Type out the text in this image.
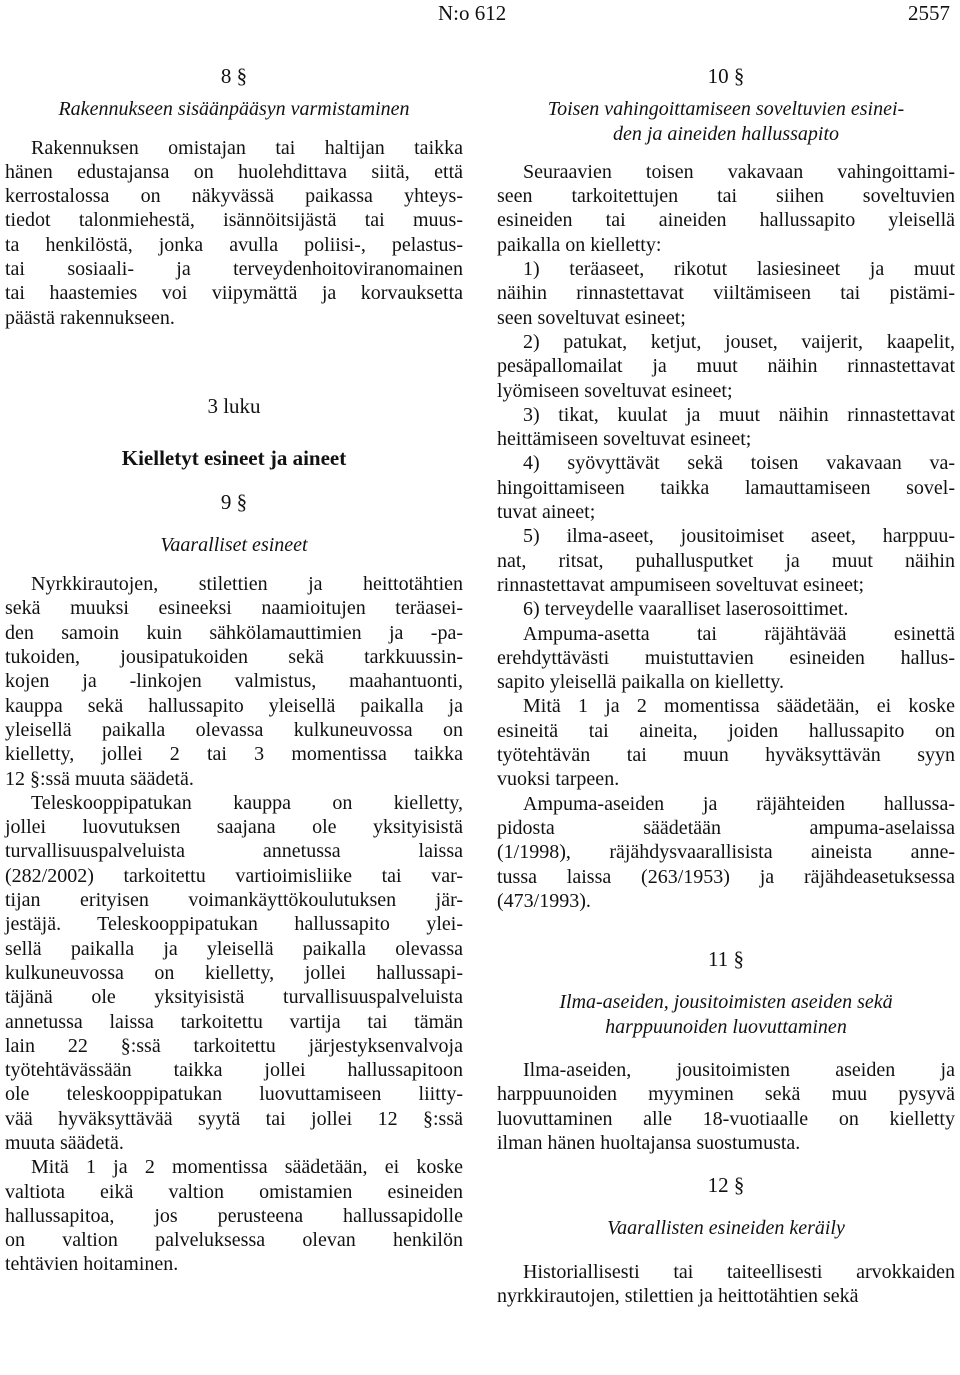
N:o 612	2557
8 §
Rakennukseen sisäänpääsyn varmistaminen
Rakennuksen omistajan tai haltijan taikka
hänen edustajansa on huolehdittava siitä, että
kerrostalossa on näkyvässä paikassa yhteys-
tiedot talonmiehestä, isännöitsijästä tai muus-
ta henkilöstä, jonka avulla poliisi-, pelastus-
tai sosiaali- ja terveydenhoitoviranomainen
tai haastemies voi viipymättä ja korvauksetta
päästä rakennukseen.
3 luku
Kielletyt esineet ja aineet
9 §
Vaaralliset esineet
Nyrkkirautojen, stilettien ja heittotähtien
sekä muuksi esineeksi naamioitujen teräasei-
den samoin kuin sähkölamauttimien ja -pa-
tukoiden, jousipatukoiden sekä tarkkuussin-
kojen ja -linkojen valmistus, maahantuonti,
kauppa sekä hallussapito yleisellä paikalla ja
yleisellä paikalla olevassa kulkuneuvossa on
kielletty, jollei 2 tai 3 momentissa taikka
12 §:ssä muuta säädetä.
Teleskooppipatukan kauppa on kielletty,
jollei luovutuksen saajana ole yksityisistä
turvallisuuspalveluista annetussa laissa
(282/2002) tarkoitettu vartioimisliike tai var-
tijan erityisen voimankäyttökoulutuksen jär-
jestäjä. Teleskooppipatukan hallussapito ylei-
sellä paikalla ja yleisellä paikalla olevassa
kulkuneuvossa on kielletty, jollei hallussapi-
täjänä ole yksityisistä turvallisuuspalveluista
annetussa laissa tarkoitettu vartija tai tämän
lain 22 §:ssä tarkoitettu järjestyksenvalvoja
työtehtävässään taikka jollei hallussapitoon
ole teleskooppipatukan luovuttamiseen liitty-
vää hyväksyttävää syytä tai jollei 12 §:ssä
muuta säädetä.
Mitä 1 ja 2 momentissa säädetään, ei koske
valtiota eikä valtion omistamien esineiden
hallussapitoa, jos perusteena hallussapidolle
on valtion palveluksessa olevan henkilön
tehtävien hoitaminen.
10 §
Toisen vahingoittamiseen soveltuvien esinei-
den ja aineiden hallussapito
Seuraavien toisen vakavaan vahingoittami-
seen tarkoitettujen tai siihen soveltuvien
esineiden tai aineiden hallussapito yleisellä
paikalla on kielletty:
1) teräaseet, rikotut lasiesineet ja muut
näihin rinnastettavat viiltämiseen tai pistämi-
seen soveltuvat esineet;
2) patukat, ketjut, jouset, vaijerit, kaapelit,
pesäpallomailat ja muut näihin rinnastettavat
lyömiseen soveltuvat esineet;
3) tikat, kuulat ja muut näihin rinnastettavat
heittämiseen soveltuvat esineet;
4) syövyttävät sekä toisen vakavaan va-
hingoittamiseen taikka lamauttamiseen sovel-
tuvat aineet;
5) ilma-aseet, jousitoimiset aseet, harppuu-
nat, ritsat, puhallusputket ja muut näihin
rinnastettavat ampumiseen soveltuvat esineet;
6) terveydelle vaaralliset laserosoittimet.
Ampuma-asetta tai räjähtävää esinettä
erehdyttävästi muistuttavien esineiden hallus-
sapito yleisellä paikalla on kielletty.
Mitä 1 ja 2 momentissa säädetään, ei koske
esineitä tai aineita, joiden hallussapito on
työtehtävän tai muun hyväksyttävän syyn
vuoksi tarpeen.
Ampuma-aseiden ja räjähteiden hallussa-
pidosta säädetään ampuma-aselaissa
(1/1998), räjähdysvaarallisista aineista anne-
tussa laissa (263/1953) ja räjähdeasetuksessa
(473/1993).
11 §
Ilma-aseiden, jousitoimisten aseiden sekä
harppuunoiden luovuttaminen
Ilma-aseiden, jousitoimisten aseiden ja
harppuunoiden myyminen sekä muu pysyvä
luovuttaminen alle 18-vuotiaalle on kielletty
ilman hänen huoltajansa suostumusta.
12 §
Vaarallisten esineiden keräily
Historiallisesti tai taiteellisesti arvokkaiden
nyrkkirautojen, stilettien ja heittotähtien sekä
